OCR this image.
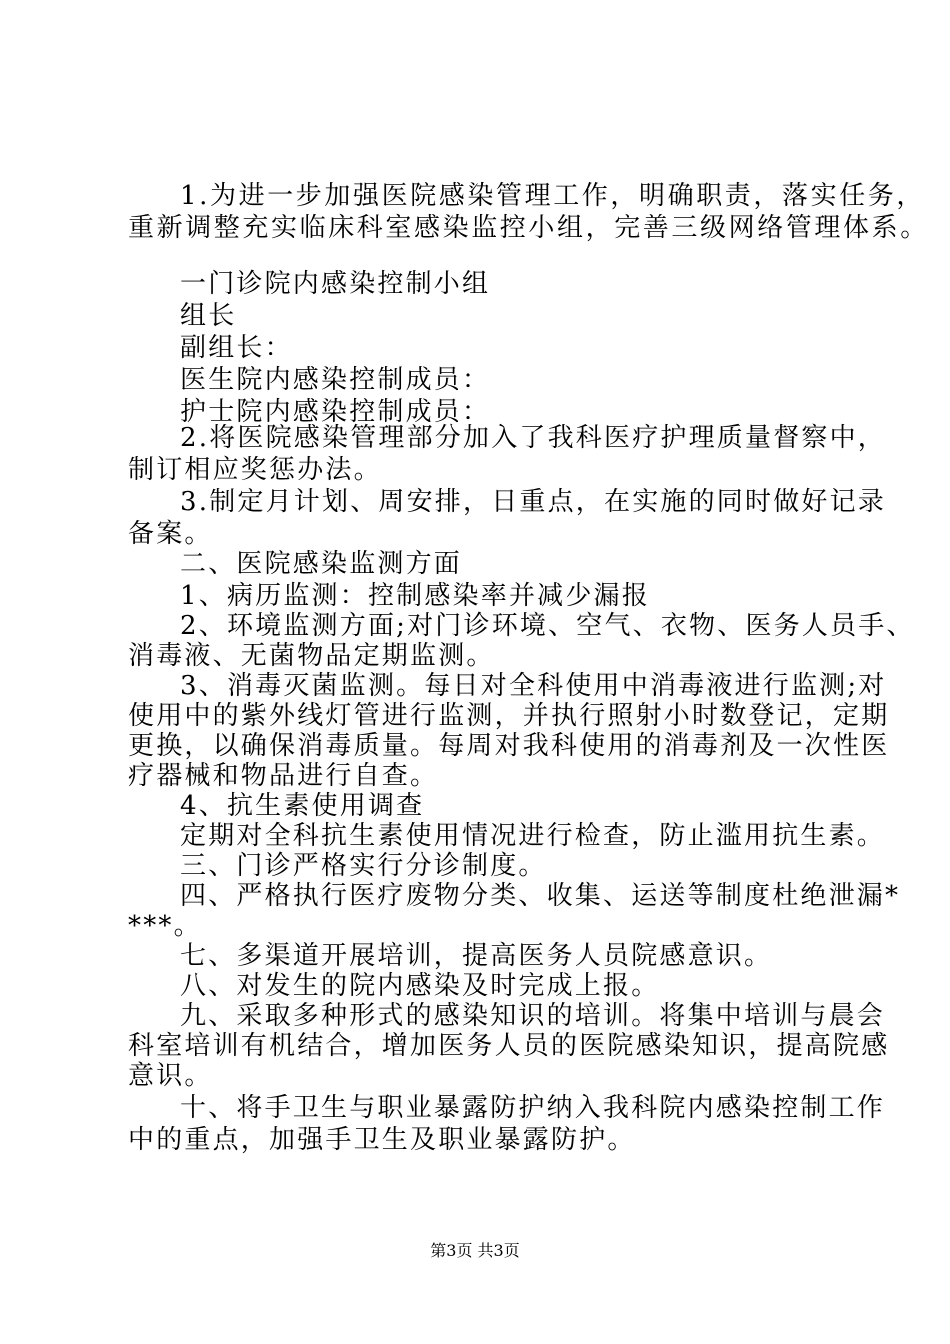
1.为进一步加强医院感染管理工作，明确职责，落实任务，
重新调整充实临床科室感染监控小组，完善三级网络管理体系。
一门诊院内感染控制小组
组长
副组长：
医生院内感染控制成员：
护士院内感染控制成员：
2.将医院感染管理部分加入了我科医疗护理质量督察中，
制订相应奖惩办法。
3.制定月计划、周安排，日重点，在实施的同时做好记录
备案。
二、医院感染监测方面
1、病历监测：控制感染率并减少漏报
2、环境监测方面;对门诊环境、空气、衣物、医务人员手、
消毒液、无菌物品定期监测。
3、消毒灭菌监测。每日对全科使用中消毒液进行监测;对
使用中的紫外线灯管进行监测，并执行照射小时数登记，定期
更换，以确保消毒质量。每周对我科使用的消毒剂及一次性医
疗器械和物品进行自查。
4、抗生素使用调查
定期对全科抗生素使用情况进行检查，防止滥用抗生素。
三、门诊严格实行分诊制度。
四、严格执行医疗废物分类、收集、运送等制度杜绝泄漏*
***。
七、多渠道开展培训，提高医务人员院感意识。
八、对发生的院内感染及时完成上报。
九、采取多种形式的感染知识的培训。将集中培训与晨会
科室培训有机结合，增加医务人员的医院感染知识，提高院感
意识。
十、将手卫生与职业暴露防护纳入我科院内感染控制工作
中的重点，加强手卫生及职业暴露防护。
第3页 共3页
